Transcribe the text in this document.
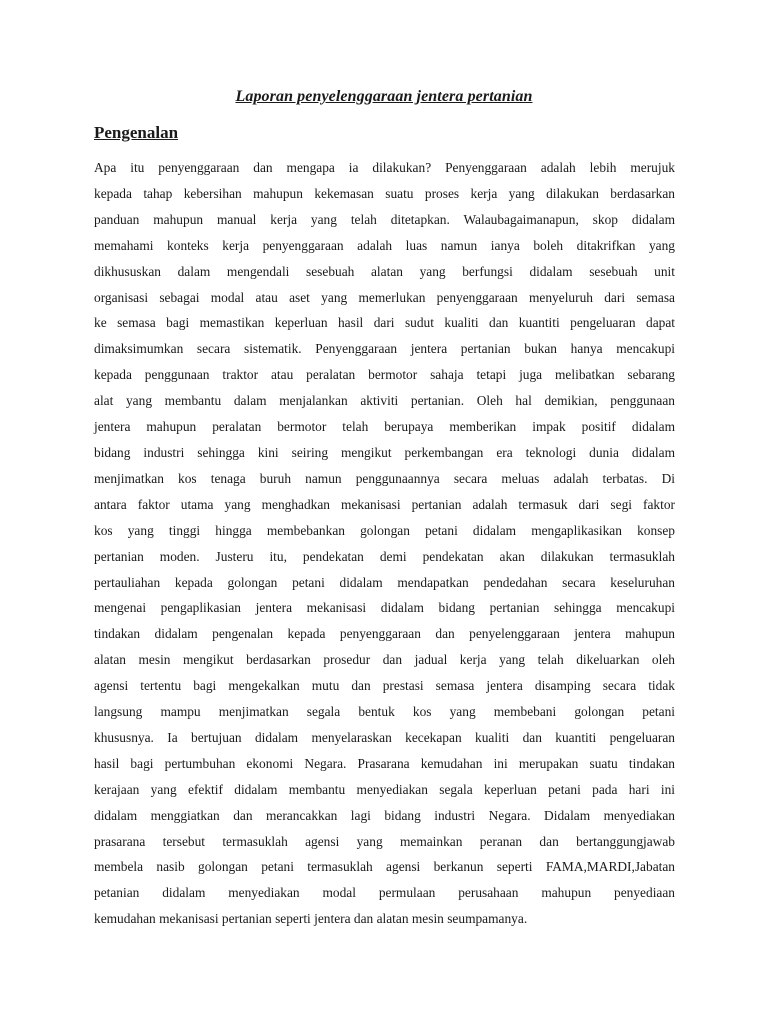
Laporan penyelenggaraan jentera pertanian
Pengenalan
Apa itu penyenggaraan dan mengapa ia dilakukan? Penyenggaraan adalah lebih merujuk
kepada tahap kebersihan mahupun kekemasan suatu proses kerja yang dilakukan berdasarkan
panduan mahupun manual kerja yang telah ditetapkan. Walaubagaimanapun, skop didalam
memahami konteks kerja penyenggaraan adalah luas namun ianya boleh ditakrifkan yang
dikhususkan dalam mengendali sesebuah alatan yang berfungsi didalam sesebuah unit
organisasi sebagai modal atau aset yang memerlukan penyenggaraan menyeluruh dari semasa
ke semasa bagi memastikan keperluan hasil dari sudut kualiti dan kuantiti pengeluaran dapat
dimaksimumkan secara sistematik. Penyenggaraan jentera pertanian bukan hanya mencakupi
kepada penggunaan traktor atau peralatan bermotor sahaja tetapi juga melibatkan sebarang
alat yang membantu dalam menjalankan aktiviti pertanian. Oleh hal demikian, penggunaan
jentera mahupun peralatan bermotor telah berupaya memberikan impak positif didalam
bidang industri sehingga kini seiring mengikut perkembangan era teknologi dunia didalam
menjimatkan kos tenaga buruh namun penggunaannya secara meluas adalah terbatas. Di
antara faktor utama yang menghadkan mekanisasi pertanian adalah termasuk dari segi faktor
kos yang tinggi hingga membebankan golongan petani didalam mengaplikasikan konsep
pertanian moden. Justeru itu, pendekatan demi pendekatan akan dilakukan termasuklah
pertauliahan kepada golongan petani didalam mendapatkan pendedahan secara keseluruhan
mengenai pengaplikasian jentera mekanisasi didalam bidang pertanian sehingga mencakupi
tindakan didalam pengenalan kepada penyenggaraan dan penyelenggaraan jentera mahupun
alatan mesin mengikut berdasarkan prosedur dan jadual kerja yang telah dikeluarkan oleh
agensi tertentu bagi mengekalkan mutu dan prestasi semasa jentera disamping secara tidak
langsung mampu menjimatkan segala bentuk kos yang membebani golongan petani
khususnya. Ia bertujuan didalam menyelaraskan kecekapan kualiti dan kuantiti pengeluaran
hasil bagi pertumbuhan ekonomi Negara. Prasarana kemudahan ini merupakan suatu tindakan
kerajaan yang efektif didalam membantu menyediakan segala keperluan petani pada hari ini
didalam menggiatkan dan merancakkan lagi bidang industri Negara. Didalam menyediakan
prasarana tersebut termasuklah agensi yang memainkan peranan dan bertanggungjawab
membela nasib golongan petani termasuklah agensi berkanun seperti FAMA,MARDI,Jabatan
petanian didalam menyediakan modal permulaan perusahaan mahupun penyediaan
kemudahan mekanisasi pertanian seperti jentera dan alatan mesin seumpamanya.
